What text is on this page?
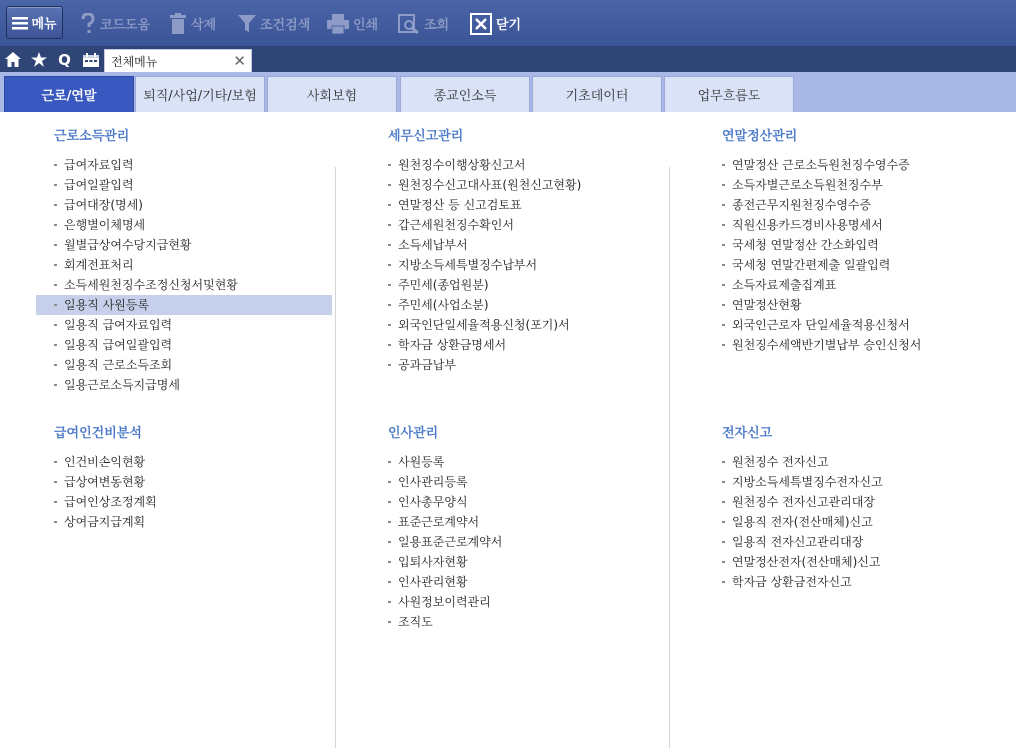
메뉴	코드도움	삭제	조건검색	인쇄	조회	닫기
Q	전체메뉴	✕
근로/연말	퇴직/사업/기타/보험	사회보험	종교인소득	기초데이터	업무흐름도
근로소득관리
급여자료입력
급여일괄입력
급여대장(명세)
은행별이체명세
월별급상여수당지급현황
회계전표처리
소득세원천징수조정신청서및현황
일용직 사원등록
일용직 급여자료입력
일용직 급여일괄입력
일용직 근로소득조회
일용근로소득지급명세
세무신고관리
원천징수이행상황신고서
원천징수신고대사표(원천신고현황)
연말정산 등 신고검토표
갑근세원천징수확인서
소득세납부서
지방소득세특별징수납부서
주민세(종업원분)
주민세(사업소분)
외국인단일세율적용신청(포기)서
학자금 상환금명세서
공과금납부
연말정산관리
연말정산 근로소득원천징수영수증
소득자별근로소득원천징수부
종전근무지원천징수영수증
직원신용카드경비사용명세서
국세청 연말정산 간소화입력
국세청 연말간편제출 일괄입력
소득자료제출집계표
연말정산현황
외국인근로자 단일세율적용신청서
원천징수세액반기별납부 승인신청서
급여인건비분석
인건비손익현황
급상여변동현황
급여인상조정계획
상여금지급계획
인사관리
사원등록
인사관리등록
인사총무양식
표준근로계약서
일용표준근로계약서
입퇴사자현황
인사관리현황
사원정보이력관리
조직도
전자신고
원천징수 전자신고
지방소득세특별징수전자신고
원천징수 전자신고관리대장
일용직 전자(전산매체)신고
일용직 전자신고관리대장
연말정산전자(전산매체)신고
학자금 상환금전자신고
